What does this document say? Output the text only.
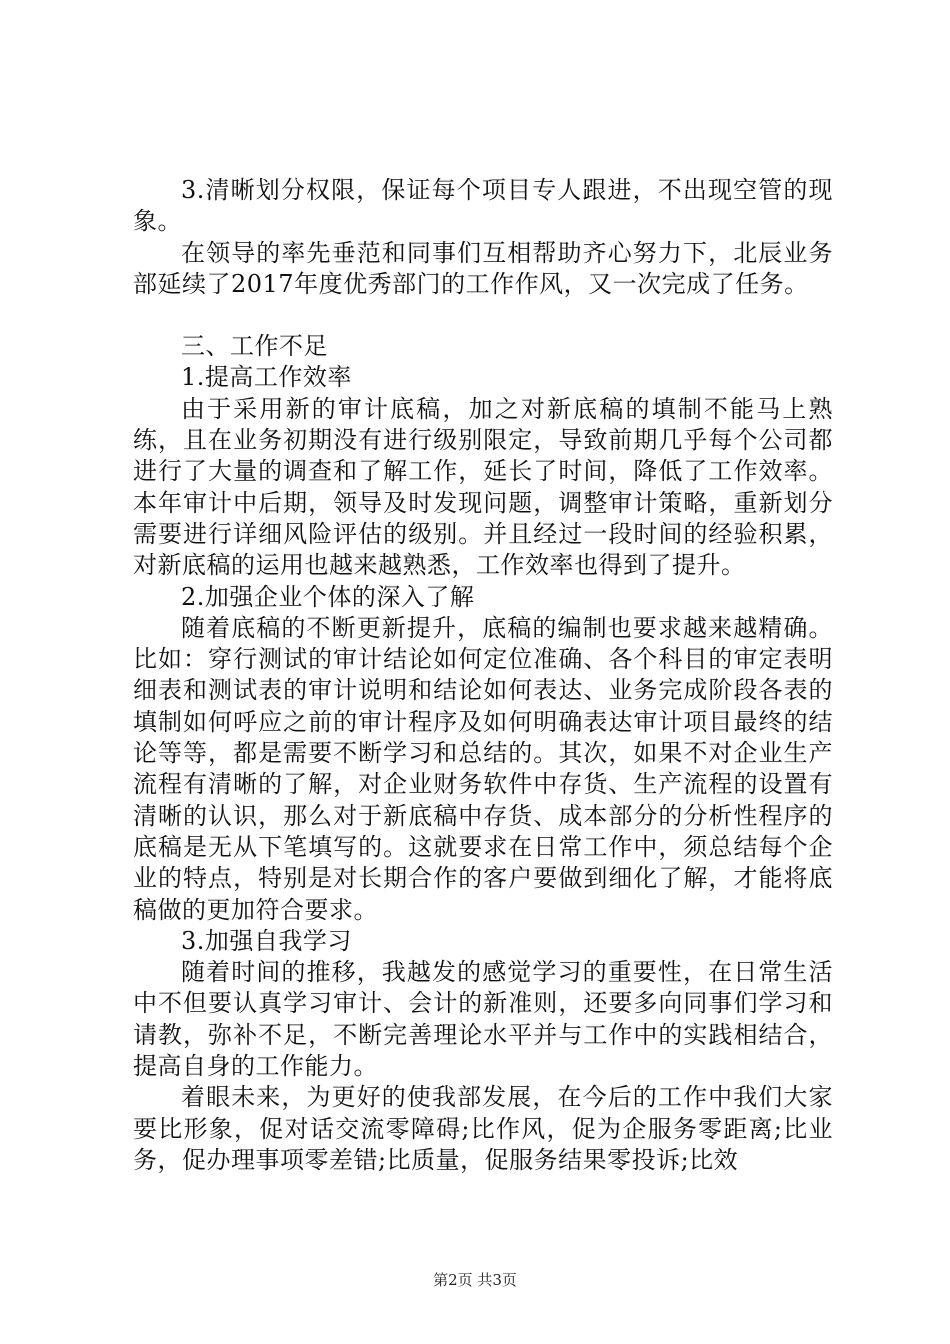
3.清晰划分权限，保证每个项目专人跟进，不出现空管的现象。

在领导的率先垂范和同事们互相帮助齐心努力下，北辰业务部延续了2017年度优秀部门的工作作风，又一次完成了任务。

三、工作不足

1.提高工作效率

由于采用新的审计底稿，加之对新底稿的填制不能马上熟练，且在业务初期没有进行级别限定，导致前期几乎每个公司都进行了大量的调查和了解工作，延长了时间，降低了工作效率。本年审计中后期，领导及时发现问题，调整审计策略，重新划分需要进行详细风险评估的级别。并且经过一段时间的经验积累，对新底稿的运用也越来越熟悉，工作效率也得到了提升。

2.加强企业个体的深入了解

随着底稿的不断更新提升，底稿的编制也要求越来越精确。比如：穿行测试的审计结论如何定位准确、各个科目的审定表明细表和测试表的审计说明和结论如何表达、业务完成阶段各表的填制如何呼应之前的审计程序及如何明确表达审计项目最终的结论等等，都是需要不断学习和总结的。其次，如果不对企业生产流程有清晰的了解，对企业财务软件中存货、生产流程的设置有清晰的认识，那么对于新底稿中存货、成本部分的分析性程序的底稿是无从下笔填写的。这就要求在日常工作中，须总结每个企业的特点，特别是对长期合作的客户要做到细化了解，才能将底稿做的更加符合要求。

3.加强自我学习

随着时间的推移，我越发的感觉学习的重要性，在日常生活中不但要认真学习审计、会计的新准则，还要多向同事们学习和请教，弥补不足，不断完善理论水平并与工作中的实践相结合，提高自身的工作能力。

着眼未来，为更好的使我部发展，在今后的工作中我们大家要比形象，促对话交流零障碍;比作风，促为企服务零距离;比业务，促办理事项零差错;比质量，促服务结果零投诉;比效

第2页 共3页
